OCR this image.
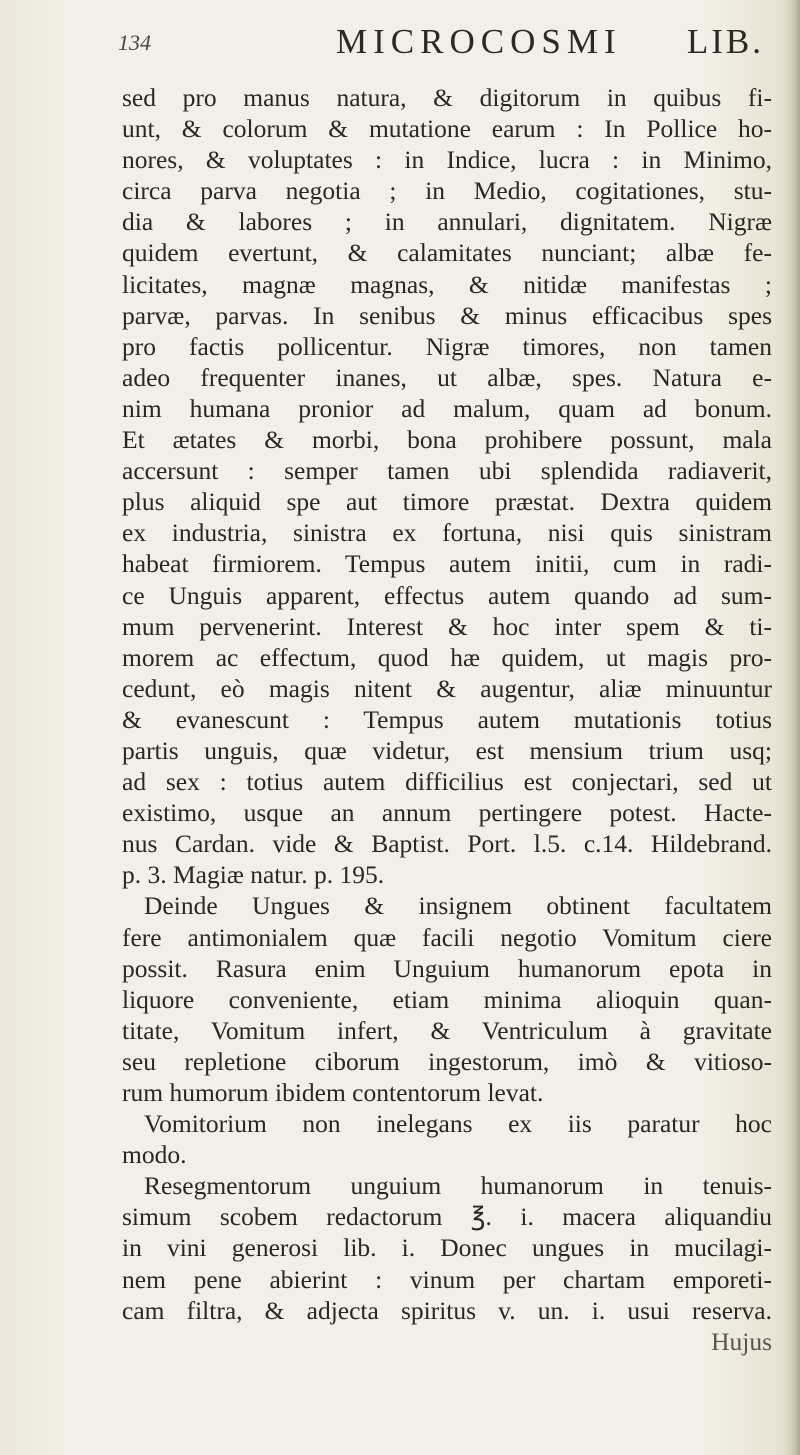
134	MICROCOSMI LIB.
sed pro manus natura, & digitorum in quibus fi-
unt, & colorum & mutatione earum : In Pollice ho-
nores, & voluptates : in Indice, lucra : in Minimo,
circa parva negotia ; in Medio, cogitationes, stu-
dia & labores ; in annulari, dignitatem. Nigræ
quidem evertunt, & calamitates nunciant; albæ fe-
licitates, magnæ magnas, & nitidæ manifestas ;
parvæ, parvas. In senibus & minus efficacibus spes
pro factis pollicentur. Nigræ timores, non tamen
adeo frequenter inanes, ut albæ, spes. Natura e-
nim humana pronior ad malum, quam ad bonum.
Et ætates & morbi, bona prohibere possunt, mala
accersunt : semper tamen ubi splendida radiaverit,
plus aliquid spe aut timore præstat. Dextra quidem
ex industria, sinistra ex fortuna, nisi quis sinistram
habeat firmiorem. Tempus autem initii, cum in radi-
ce Unguis apparent, effectus autem quando ad sum-
mum pervenerint. Interest & hoc inter spem & ti-
morem ac effectum, quod hæ quidem, ut magis pro-
cedunt, eò magis nitent & augentur, aliæ minuuntur
& evanescunt : Tempus autem mutationis totius
partis unguis, quæ videtur, est mensium trium usq;
ad sex : totius autem difficilius est conjectari, sed ut
existimo, usque an annum pertingere potest. Hacte-
nus Cardan. vide & Baptist. Port. l.5. c.14. Hildebrand.
p. 3. Magiæ natur. p. 195.
Deinde Ungues & insignem obtinent facultatem
fere antimonialem quæ facili negotio Vomitum ciere
possit. Rasura enim Unguium humanorum epota in
liquore conveniente, etiam minima alioquin quan-
titate, Vomitum infert, & Ventriculum à gravitate
seu repletione ciborum ingestorum, imò & vitioso-
rum humorum ibidem contentorum levat.
Vomitorium non inelegans ex iis paratur hoc
modo.
Resegmentorum unguium humanorum in tenuis-
simum scobem redactorum ℥. i. macera aliquandiu
in vini generosi lib. i. Donec ungues in mucilagi-
nem pene abierint : vinum per chartam emporeti-
cam filtra, & adjecta spiritus v. un. i. usui reserva.
Hujus
